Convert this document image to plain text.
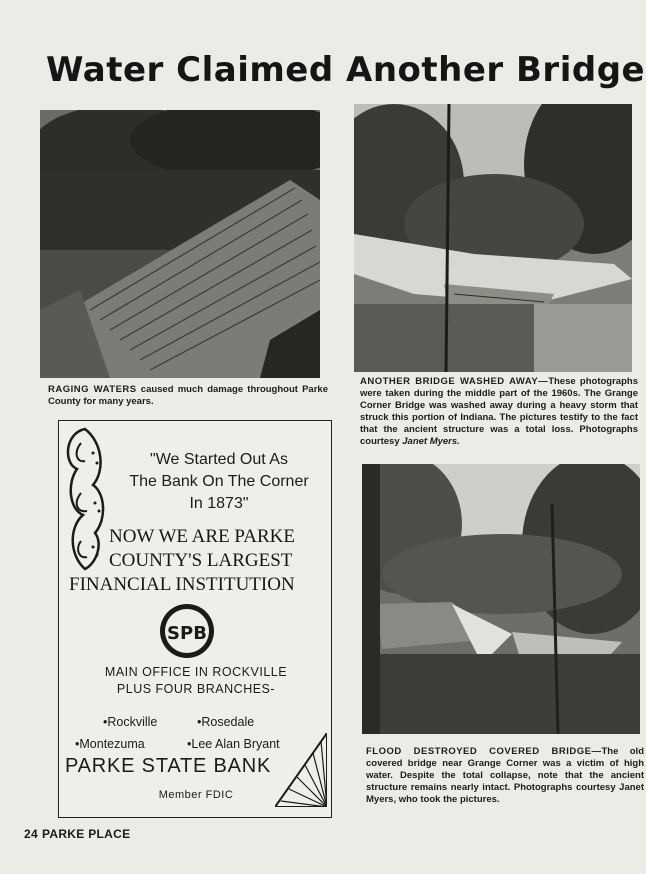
Water Claimed Another Bridge
RAGING WATERS caused much damage throughout Parke County for many years.
ANOTHER BRIDGE WASHED AWAY—These photographs were taken during the middle part of the 1960s. The Grange Corner Bridge was washed away during a heavy storm that struck this portion of Indiana. The pictures testify to the fact that the ancient structure was a total loss. Photographs courtesy Janet Myers.
FLOOD DESTROYED COVERED BRIDGE—The old covered bridge near Grange Corner was a victim of high water. Despite the total collapse, note that the ancient structure remains nearly intact. Photographs courtesy Janet Myers, who took the pictures.
"We Started Out As
The Bank On The Corner
In 1873"
NOW WE ARE PARKE
COUNTY'S LARGEST
FINANCIAL INSTITUTION
SPB
MAIN OFFICE IN ROCKVILLE
PLUS FOUR BRANCHES-
•Rockville	•Rosedale
•Montezuma	•Lee Alan Bryant
PARKE STATE BANK
Member FDIC
24 PARKE PLACE
